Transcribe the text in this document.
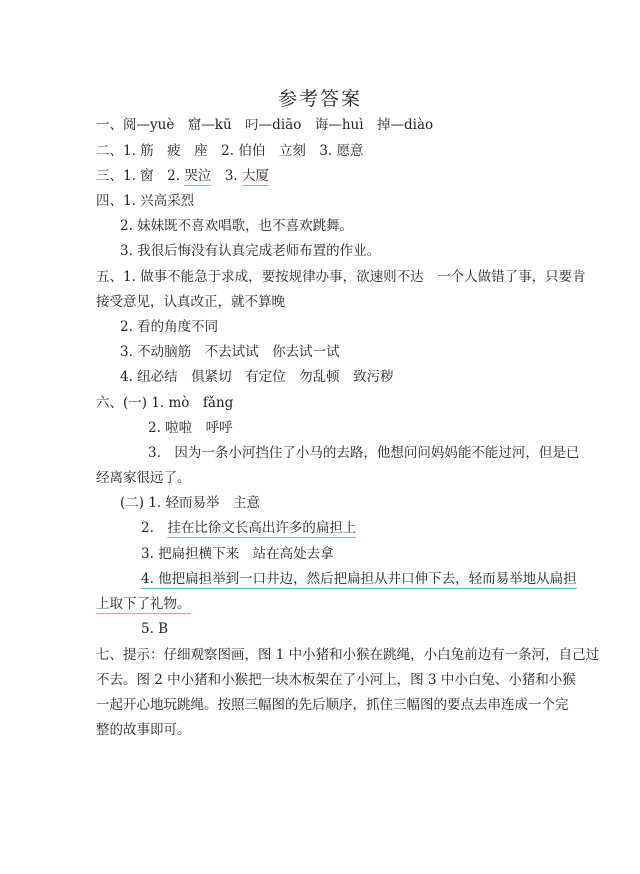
参考答案
一、阅—yuè　窟—kū　叼—diāo　诲—huì　掉—diào
二、1. 筋　疲　座　2. 伯伯　立刻　3. 愿意
三、1. 窗　2. 哭泣　3. 大厦
四、1. 兴高采烈
2. 妹妹既不喜欢唱歌，也不喜欢跳舞。
3. 我很后悔没有认真完成老师布置的作业。
五、1. 做事不能急于求成，要按规律办事，欲速则不达　一个人做错了事，只要肯
接受意见，认真改正，就不算晚
2. 看的角度不同
3. 不动脑筋　不去试试　你去试一试
4. 纽必结　俱紧切　有定位　勿乱顿　致污秽
六、(一) 1. mò　fǎng
2. 啦啦　呼呼
3.　因为一条小河挡住了小马的去路，他想问问妈妈能不能过河，但是已
经离家很远了。
(二) 1. 轻而易举　主意
2.　挂在比徐文长高出许多的扁担上
3. 把扁担横下来　站在高处去拿
4. 他把扁担举到一口井边，然后把扁担从井口伸下去，轻而易举地从扁担
上取下了礼物。
5. B
七、提示：仔细观察图画，图 1 中小猪和小猴在跳绳，小白兔前边有一条河，自己过
不去。图 2 中小猪和小猴把一块木板架在了小河上，图 3 中小白兔、小猪和小猴
一起开心地玩跳绳。按照三幅图的先后顺序，抓住三幅图的要点去串连成一个完
整的故事即可。
